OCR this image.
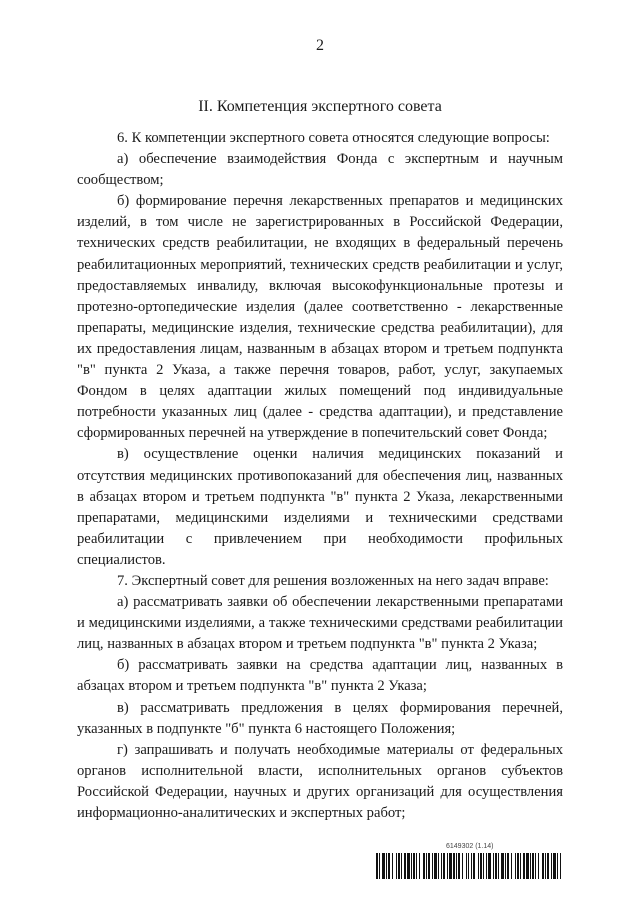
2
II. Компетенция экспертного совета

6. К компетенции экспертного совета относятся следующие вопросы:

а) обеспечение взаимодействия Фонда с экспертным и научным сообществом;

б) формирование перечня лекарственных препаратов и медицинских изделий, в том числе не зарегистрированных в Российской Федерации, технических средств реабилитации, не входящих в федеральный перечень реабилитационных мероприятий, технических средств реабилитации и услуг, предоставляемых инвалиду, включая высокофункциональные протезы и протезно-ортопедические изделия (далее соответственно - лекарственные препараты, медицинские изделия, технические средства реабилитации), для их предоставления лицам, названным в абзацах втором и третьем подпункта "в" пункта 2 Указа, а также перечня товаров, работ, услуг, закупаемых Фондом в целях адаптации жилых помещений под индивидуальные потребности указанных лиц (далее - средства адаптации), и представление сформированных перечней на утверждение в попечительский совет Фонда;

в) осуществление оценки наличия медицинских показаний и отсутствия медицинских противопоказаний для обеспечения лиц, названных в абзацах втором и третьем подпункта "в" пункта 2 Указа, лекарственными препаратами, медицинскими изделиями и техническими средствами реабилитации с привлечением при необходимости профильных специалистов.

7. Экспертный совет для решения возложенных на него задач вправе:

а) рассматривать заявки об обеспечении лекарственными препаратами и медицинскими изделиями, а также техническими средствами реабилитации лиц, названных в абзацах втором и третьем подпункта "в" пункта 2 Указа;

б) рассматривать заявки на средства адаптации лиц, названных в абзацах втором и третьем подпункта "в" пункта 2 Указа;

в) рассматривать предложения в целях формирования перечней, указанных в подпункте "б" пункта 6 настоящего Положения;

г) запрашивать и получать необходимые материалы от федеральных органов исполнительной власти, исполнительных органов субъектов Российской Федерации, научных и других организаций для осуществления информационно-аналитических и экспертных работ;

6149302 (1.14)
